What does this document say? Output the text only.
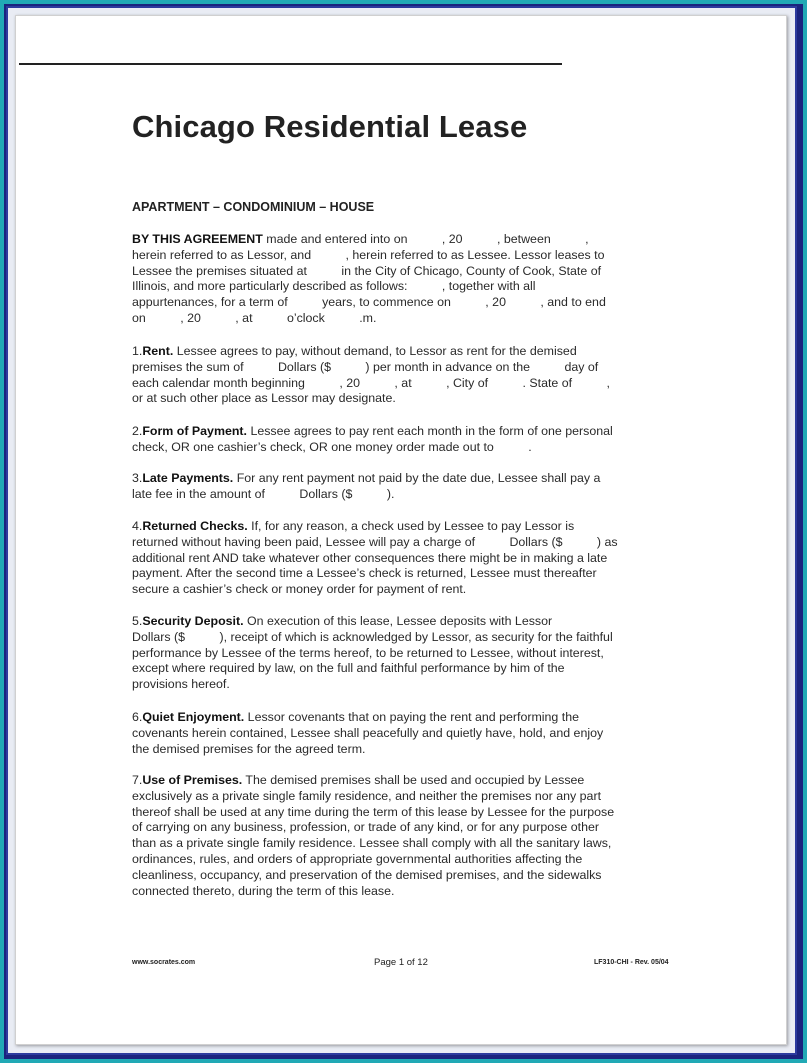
Chicago Residential Lease
APARTMENT – CONDOMINIUM – HOUSE

BY THIS AGREEMENT made and entered into on          , 20          , between          ,
herein referred to as Lessor, and          , herein referred to as Lessee. Lessor leases to
Lessee the premises situated at          in the City of Chicago, County of Cook, State of
Illinois, and more particularly described as follows:          , together with all
appurtenances, for a term of          years, to commence on          , 20          , and to end
on          , 20          , at          o’clock          .m.

1.Rent. Lessee agrees to pay, without demand, to Lessor as rent for the demised
premises the sum of          Dollars ($          ) per month in advance on the          day of
each calendar month beginning          , 20          , at          , City of          . State of          ,
or at such other place as Lessor may designate.

2.Form of Payment. Lessee agrees to pay rent each month in the form of one personal
check, OR one cashier’s check, OR one money order made out to          .

3.Late Payments. For any rent payment not paid by the date due, Lessee shall pay a
late fee in the amount of          Dollars ($          ).

4.Returned Checks. If, for any reason, a check used by Lessee to pay Lessor is
returned without having been paid, Lessee will pay a charge of          Dollars ($          ) as
additional rent AND take whatever other consequences there might be in making a late
payment. After the second time a Lessee’s check is returned, Lessee must thereafter
secure a cashier’s check or money order for payment of rent.

5.Security Deposit. On execution of this lease, Lessee deposits with Lessor
Dollars ($          ), receipt of which is acknowledged by Lessor, as security for the faithful
performance by Lessee of the terms hereof, to be returned to Lessee, without interest,
except where required by law, on the full and faithful performance by him of the
provisions hereof.

6.Quiet Enjoyment. Lessor covenants that on paying the rent and performing the
covenants herein contained, Lessee shall peacefully and quietly have, hold, and enjoy
the demised premises for the agreed term.

7.Use of Premises. The demised premises shall be used and occupied by Lessee
exclusively as a private single family residence, and neither the premises nor any part
thereof shall be used at any time during the term of this lease by Lessee for the purpose
of carrying on any business, profession, or trade of any kind, or for any purpose other
than as a private single family residence. Lessee shall comply with all the sanitary laws,
ordinances, rules, and orders of appropriate governmental authorities affecting the
cleanliness, occupancy, and preservation of the demised premises, and the sidewalks
connected thereto, during the term of this lease.

www.socrates.com	Page 1 of 12	LF310-CHI - Rev. 05/04
